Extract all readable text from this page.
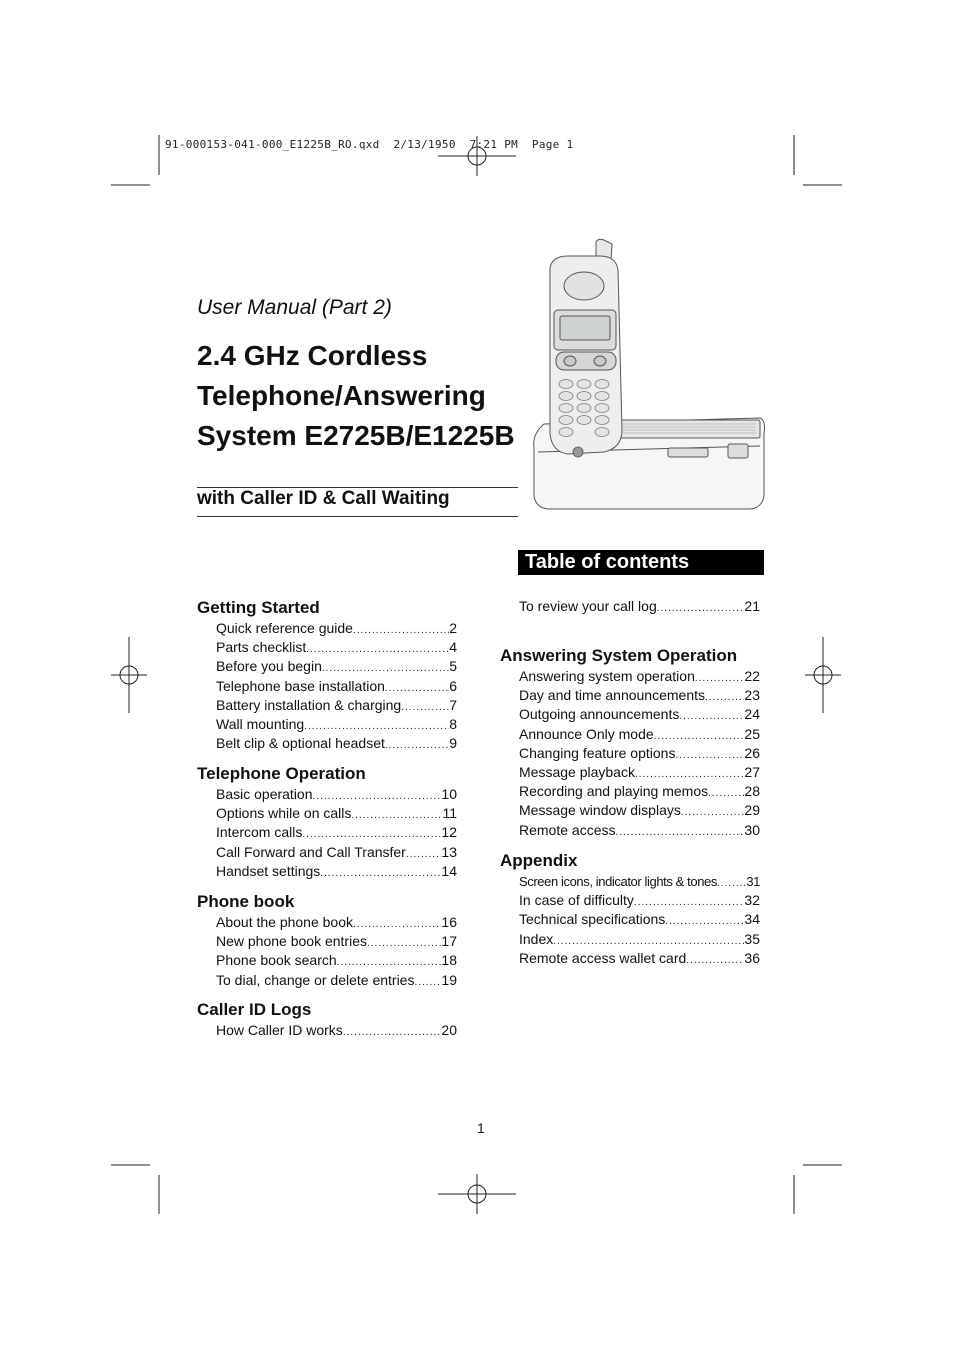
91-000153-041-000_E1225B_RO.qxd  2/13/1950  7:21 PM  Page 1
User Manual (Part 2)
2.4 GHz Cordless
Telephone/Answering
System E2725B/E1225B
with Caller ID & Call Waiting
Table of contents
Getting Started
Quick reference guide .....	2
Parts checklist .....	4
Before you begin .....	5
Telephone base installation .....	6
Battery installation & charging .....	7
Wall mounting .....	8
Belt clip & optional headset .....	9
Telephone Operation
Basic operation .....	10
Options while on calls .....	11
Intercom calls .....	12
Call Forward and Call Transfer .....	13
Handset settings .....	14
Phone book
About the phone book .....	16
New phone book entries .....	17
Phone book search .....	18
To dial, change or delete entries ..... 19
Caller ID Logs
How Caller ID works .....	20
To review your call log .....	21
Answering System Operation
Answering system operation .....	22
Day and time announcements .....	23
Outgoing announcements .....	24
Announce Only mode .....	25
Changing feature options .....	26
Message playback .....	27
Recording and playing memos .....	28
Message window displays .....	29
Remote access .....	30
Appendix
Screen icons, indicator lights & tones ..... 31
In case of difficulty .....	32
Technical specifications .....	34
Index .....	35
Remote access wallet card .....	36
1
